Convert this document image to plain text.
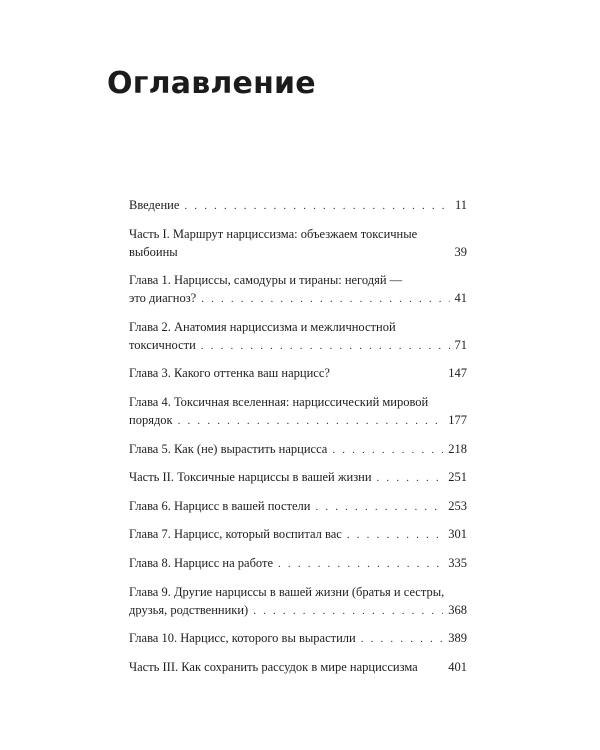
Оглавление
Введение . . .	11
Часть I. Маршрут нарциссизма: объезжаем токсичные
выбоины	39
Глава 1. Нарциссы, самодуры и тираны: негодяй —
это диагноз? . . .	41
Глава 2. Анатомия нарциссизма и межличностной
токсичности . . .	71
Глава 3. Какого оттенка ваш нарцисс?	147
Глава 4. Токсичная вселенная: нарциссический мировой
порядок . . .	177
Глава 5. Как (не) вырастить нарцисса . . .	218
Часть II. Токсичные нарциссы в вашей жизни . . .	251
Глава 6. Нарцисс в вашей постели . . .	253
Глава 7. Нарцисс, который воспитал вас . . .	301
Глава 8. Нарцисс на работе . . .	335
Глава 9. Другие нарциссы в вашей жизни (братья и сестры,
друзья, родственники) . . .	368
Глава 10. Нарцисс, которого вы вырастили . . .	389
Часть III. Как сохранить рассудок в мире нарциссизма 401
